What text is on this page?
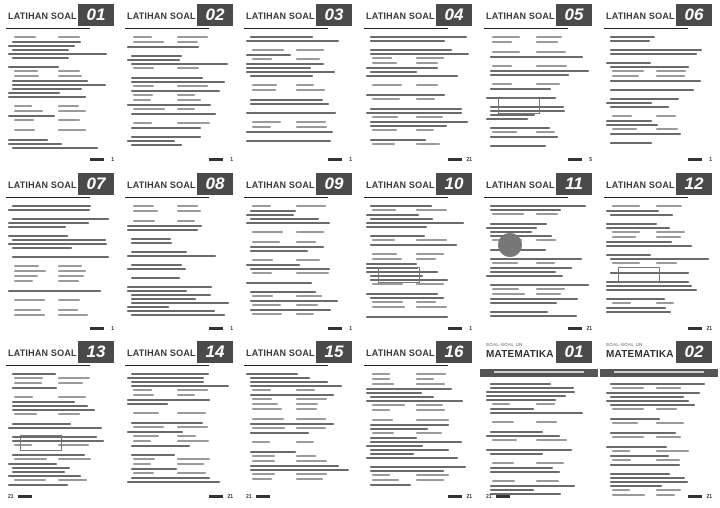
LATIHAN SOAL 01
1
LATIHAN SOAL 02
1
LATIHAN SOAL 03
1
LATIHAN SOAL 04
21
LATIHAN SOAL 05
5
LATIHAN SOAL 06
1
LATIHAN SOAL 07
1
LATIHAN SOAL 08
1
LATIHAN SOAL 09
1
LATIHAN SOAL 10
1
LATIHAN SOAL 11
21
LATIHAN SOAL 12
21
LATIHAN SOAL 13
21
LATIHAN SOAL 14
21
LATIHAN SOAL 15
21
LATIHAN SOAL 16
21
SOAL-SOAL UN
MATEMATIKA 01
21
SOAL-SOAL UN
MATEMATIKA 02
21
